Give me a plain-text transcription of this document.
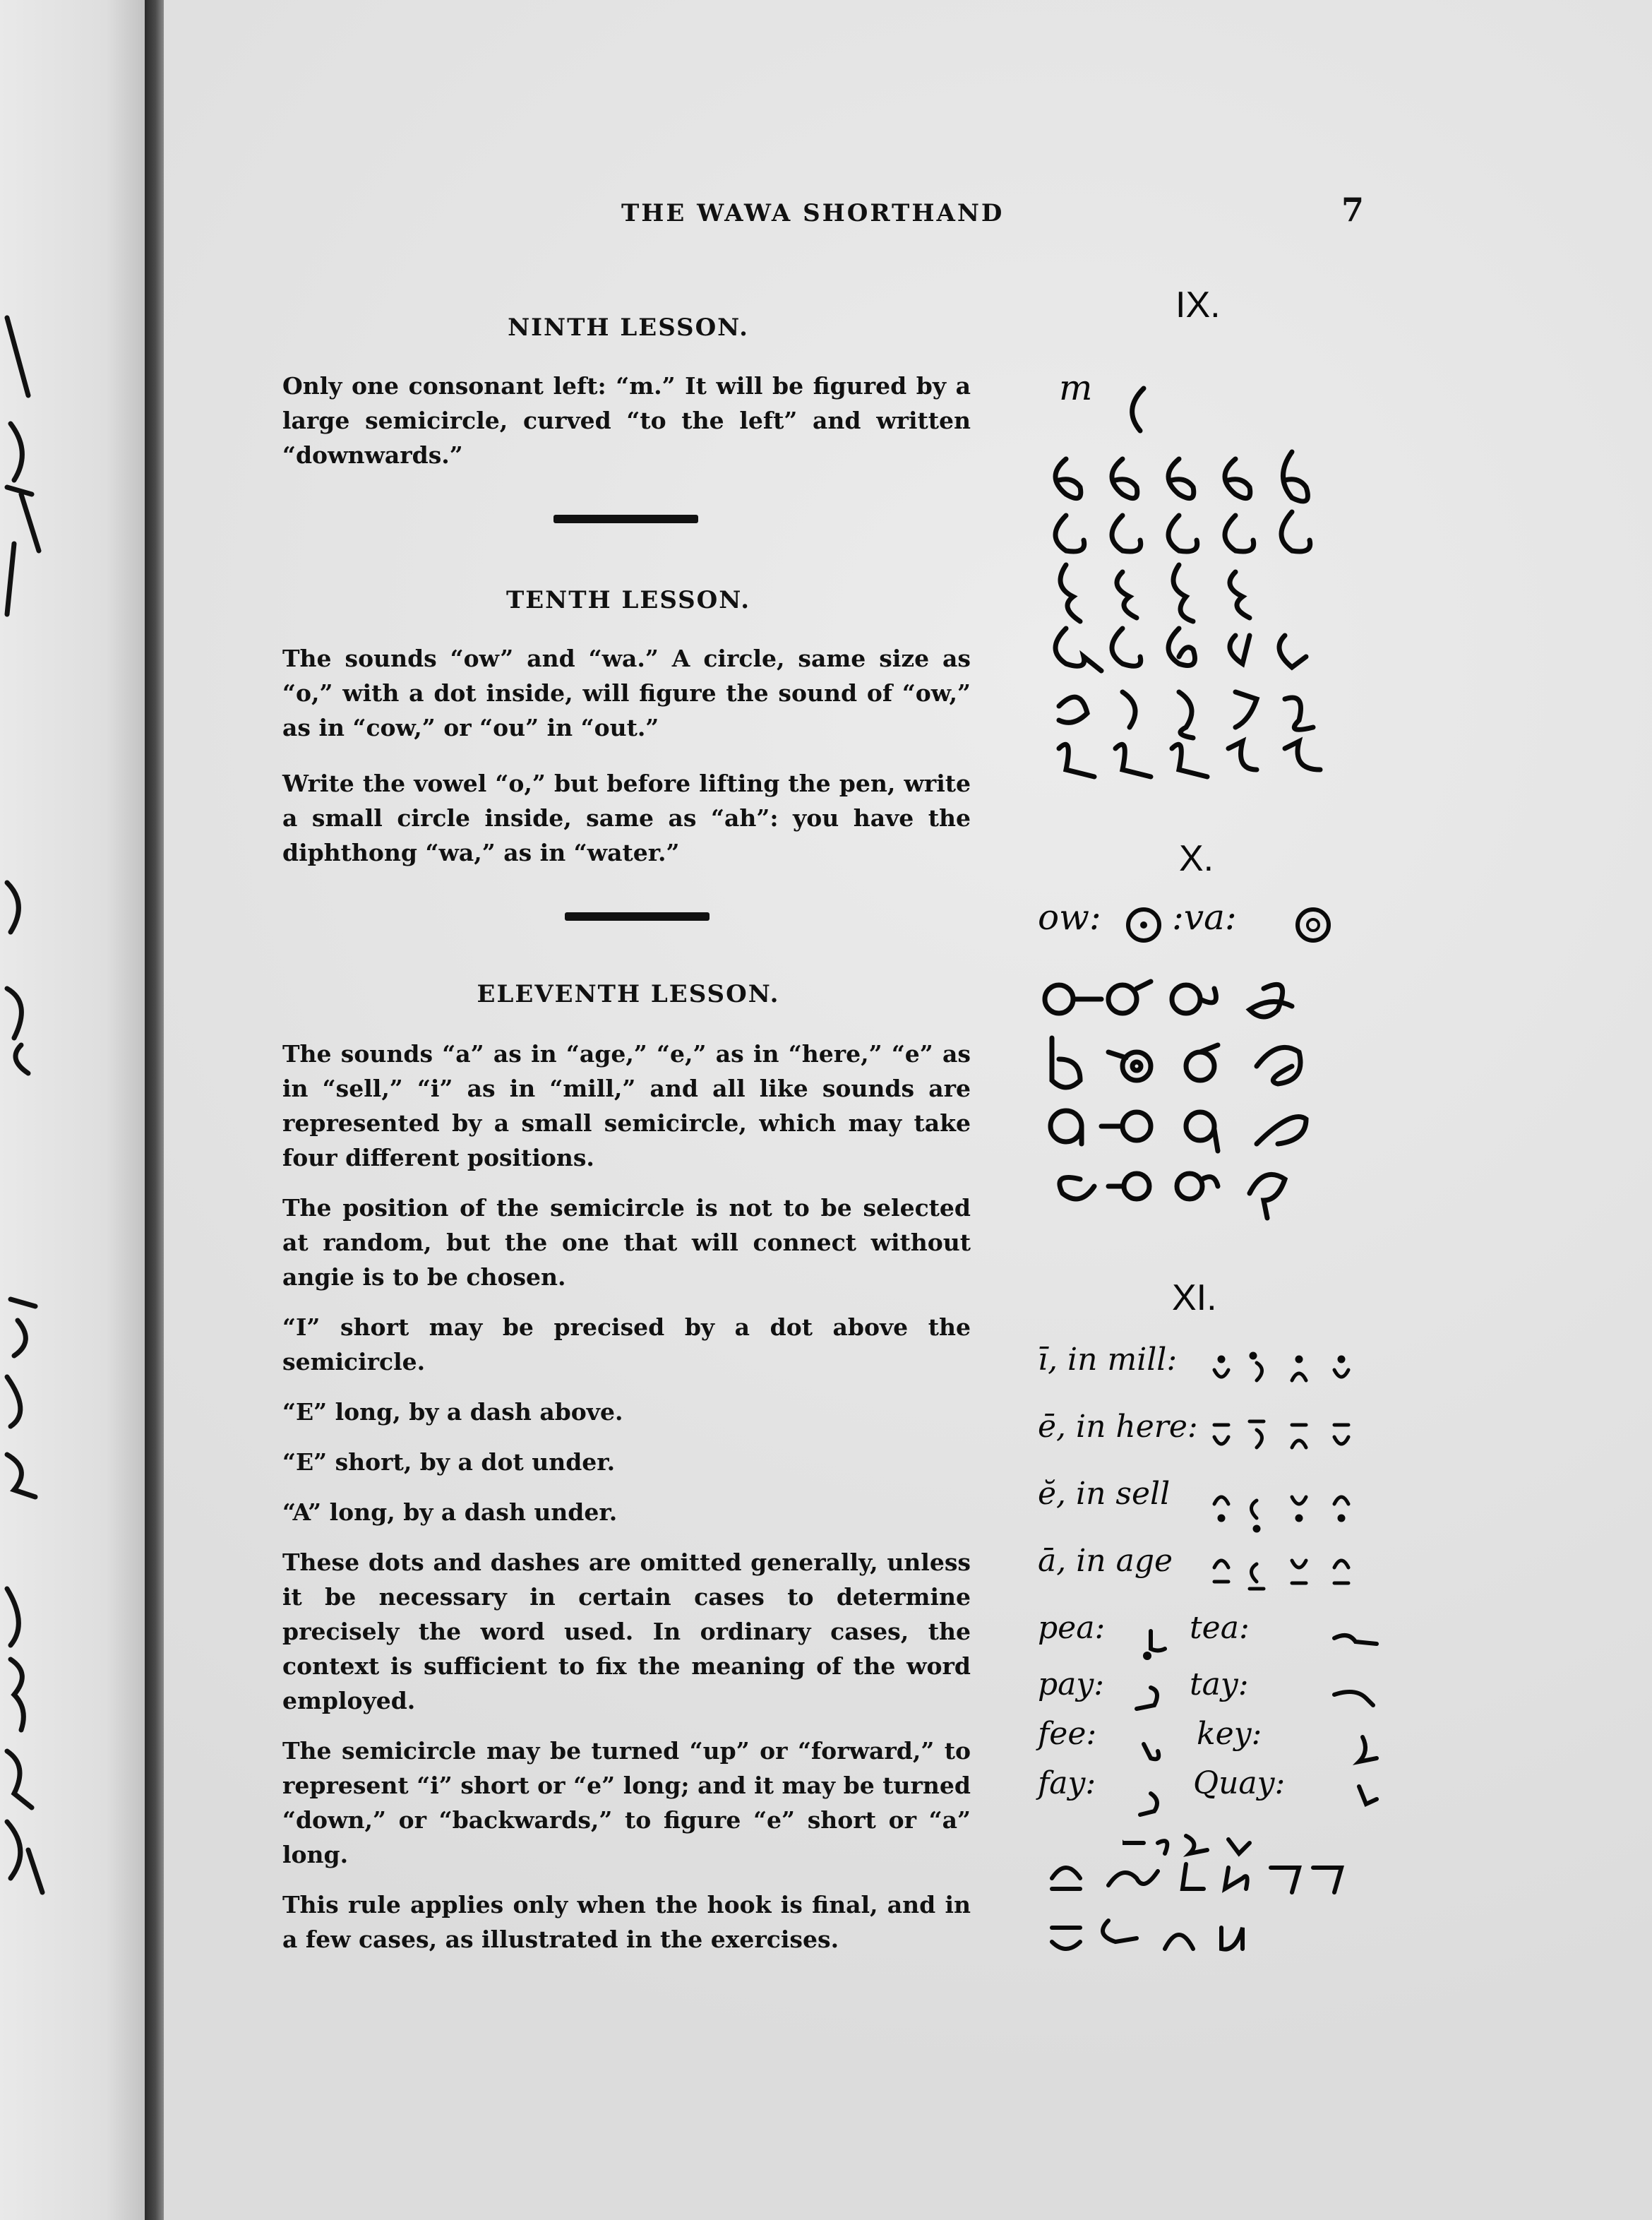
THE WAWA SHORTHAND	7
NINTH LESSON.

Only one consonant left: “m.” It will be figured by a large semicircle, curved “to the left” and written “downwards.”

TENTH LESSON.

The sounds “ow” and “wa.” A circle, same size as “o,” with a dot inside, will figure the sound of “ow,” as in “cow,” or “ou” in “out.”

Write the vowel “o,” but before lifting the pen, write a small circle inside, same as “ah”: you have the diphthong “wa,” as in “water.”

ELEVENTH LESSON.

The sounds “a” as in “age,” “e,” as in “here,” “e” as in “sell,” “i” as in “mill,” and all like sounds are represented by a small semicircle, which may take four different positions.

The position of the semicircle is not to be selected at random, but the one that will connect without angie is to be chosen.

“I” short may be precised by a dot above the semicircle.

“E” long, by a dash above.

“E” short, by a dot under.

“A” long, by a dash under.

These dots and dashes are omitted generally, unless it be necessary in certain cases to determine precisely the word used. In ordinary cases, the context is sufficient to fix the meaning of the word employed.

The semicircle may be turned “up” or “forward,” to represent “i” short or “e” long; and it may be turned “down,” or “backwards,” to figure “e” short or “a” long.

This rule applies only when the hook is final, and in a few cases, as illustrated in the exercises.

IX.
m
X.
ow: :va:
XI.
ī, in mill:
ē, in here:
ĕ, in sell
ā, in age
pea:	tea:
pay:	tay:
fee:	key:
fay:	Quay:
